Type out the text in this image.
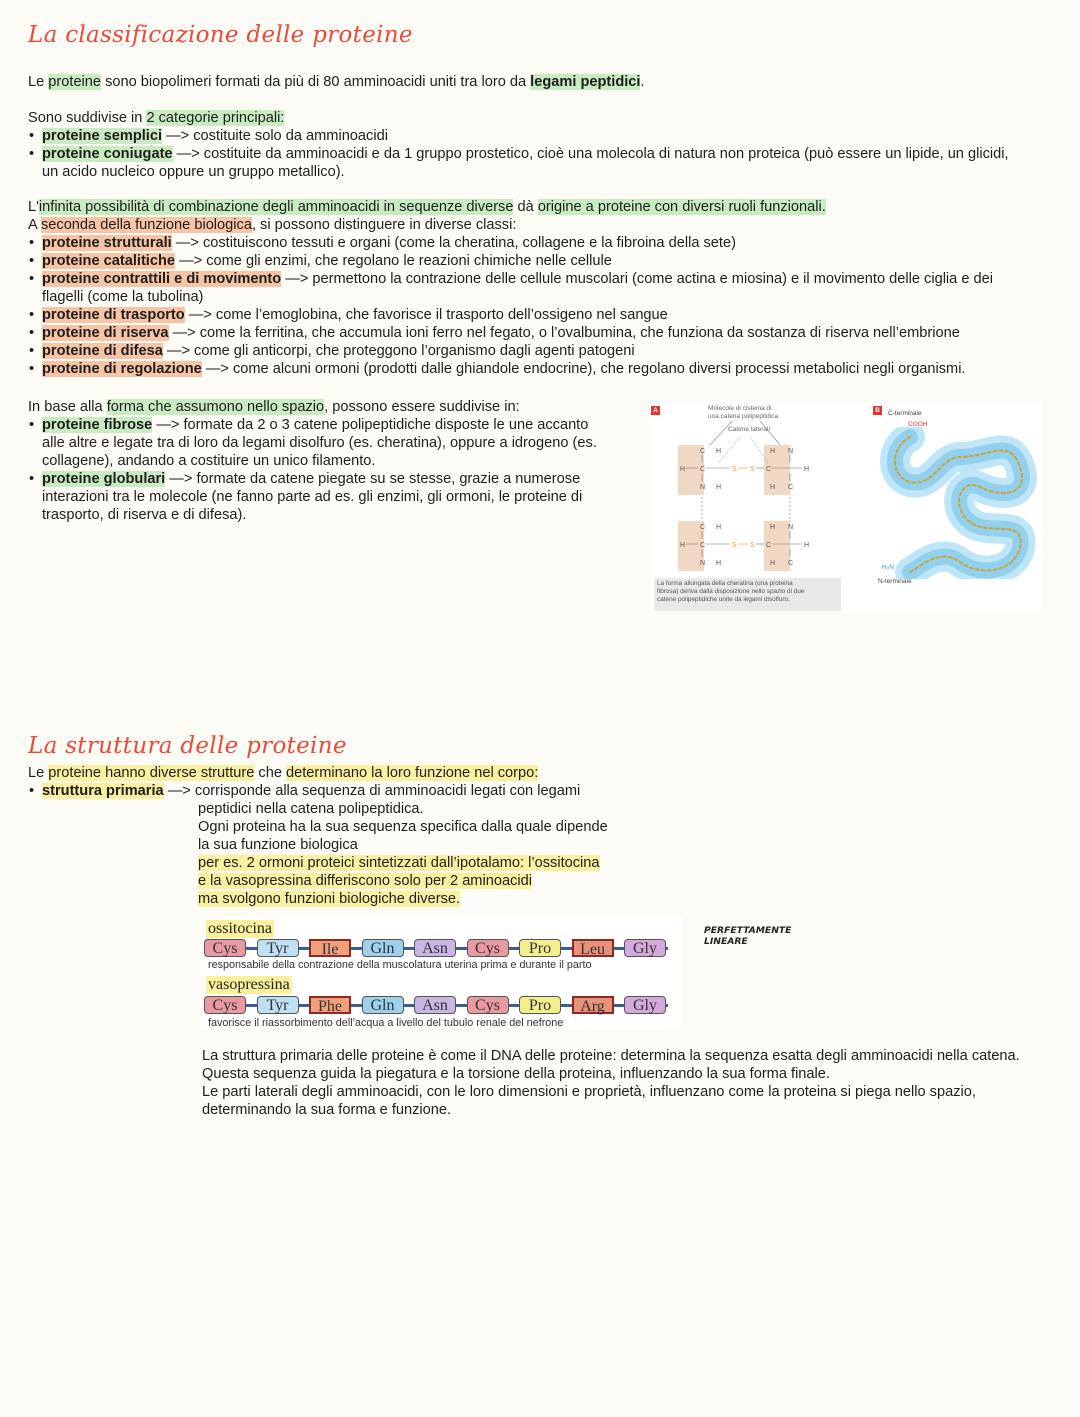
La classificazione delle proteine

Le proteine sono biopolimeri formati da più di 80 amminoacidi uniti tra loro da legami peptidici.

Sono suddivise in 2 categorie principali:
• proteine semplici —> costituite solo da amminoacidi
• proteine coniugate —> costituite da amminoacidi e da 1 gruppo prostetico, cioè una molecola di natura non proteica (può essere un lipide, un glicidi,
un acido nucleico oppure un gruppo metallico).
L'infinita possibilità di combinazione degli amminoacidi in sequenze diverse dà origine a proteine con diversi ruoli funzionali.
A seconda della funzione biologica, si possono distinguere in diverse classi:
• proteine strutturali —> costituiscono tessuti e organi (come la cheratina, collagene e la fibroina della sete)
• proteine catalitiche —> come gli enzimi, che regolano le reazioni chimiche nelle cellule
• proteine contrattili e di movimento —> permettono la contrazione delle cellule muscolari (come actina e miosina) e il movimento delle ciglia e dei
flagelli (come la tubolina)
• proteine di trasporto —> come l’emoglobina, che favorisce il trasporto dell’ossigeno nel sangue
• proteine di riserva —> come la ferritina, che accumula ioni ferro nel fegato, o l’ovalbumina, che funziona da sostanza di riserva nell’embrione
• proteine di difesa —> come gli anticorpi, che proteggono l’organismo dagli agenti patogeni
• proteine di regolazione —> come alcuni ormoni (prodotti dalle ghiandole endocrine), che regolano diversi processi metabolici negli organismi.
In base alla forma che assumono nello spazio, possono essere suddivise in:
• proteine fibrose —> formate da 2 o 3 catene polipeptidiche disposte le une accanto
alle altre e legate tra di loro da legami disolfuro (es. cheratina), oppure a idrogeno (es.
collagene), andando a costituire un unico filamento.
• proteine globulari —> formate da catene piegate su se stesse, grazie a numerose
interazioni tra le molecole (ne fanno parte ad es. gli enzimi, gli ormoni, le proteine di
trasporto, di riserva e di difesa).
A	Molecole di cisteina di
una catena polipeptidica
Catene laterali
H C	C	H
C H	H N
N H	H C
H C	C	H
C H	H N
N H	H C
S S
S S
La forma allungata della cheratina (una proteina
fibrosa) deriva dalla disposizione nello spazio di due
catene polipeptidiche unite da legami disolfuro.
B	C-terminale
COOH
H₂N
N-terminale
La struttura delle proteine

Le proteine hanno diverse strutture che determinano la loro funzione nel corpo:

• struttura primaria —> corrisponde alla sequenza di amminoacidi legati con legami
peptidici nella catena polipeptidica.
Ogni proteina ha la sua sequenza specifica dalla quale dipende
la sua funzione biologica
per es. 2 ormoni proteici sintetizzati dall’ipotalamo: l’ossitocina
e la vasopressina differiscono solo per 2 aminoacidi
ma svolgono funzioni biologiche diverse.
ossitocina
Cys	Tyr	Ile	Gln	Asn	Cys	Pro	Leu	Gly
responsabile della contrazione della muscolatura uterina prima e durante il parto
vasopressina
Cys	Tyr	Phe	Gln	Asn	Cys	Pro	Arg	Gly
favorisce il riassorbimento dell’acqua a livello del tubulo renale del nefrone
PERFETTAMENTE
LINEARE
La struttura primaria delle proteine è come il DNA delle proteine: determina la sequenza esatta degli amminoacidi nella catena.
Questa sequenza guida la piegatura e la torsione della proteina, influenzando la sua forma finale.
Le parti laterali degli amminoacidi, con le loro dimensioni e proprietà, influenzano come la proteina si piega nello spazio,
determinando la sua forma e funzione.
